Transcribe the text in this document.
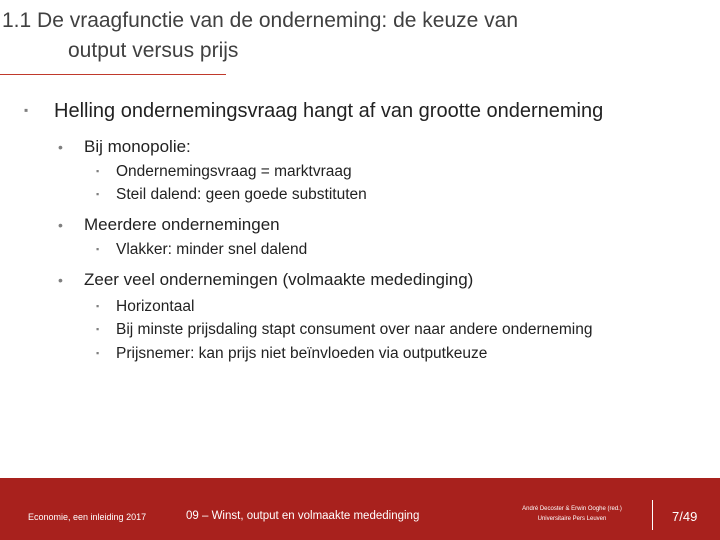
1.1 De vraagfunctie van de onderneming: de keuze van
output versus prijs
▪ Helling ondernemingsvraag hangt af van grootte onderneming
• Bij monopolie:
▪ Ondernemingsvraag = marktvraag
▪ Steil dalend: geen goede substituten
• Meerdere ondernemingen
▪ Vlakker: minder snel dalend
• Zeer veel ondernemingen (volmaakte mededinging)
▪ Horizontaal
▪ Bij minste prijsdaling stapt consument over naar andere onderneming
▪ Prijsnemer: kan prijs niet beïnvloeden via outputkeuze
Economie, een inleiding 2017	09 – Winst, output en volmaakte mededinging
André Decoster & Erwin Ooghe (red.)
Universitaire Pers Leuven	7/49
